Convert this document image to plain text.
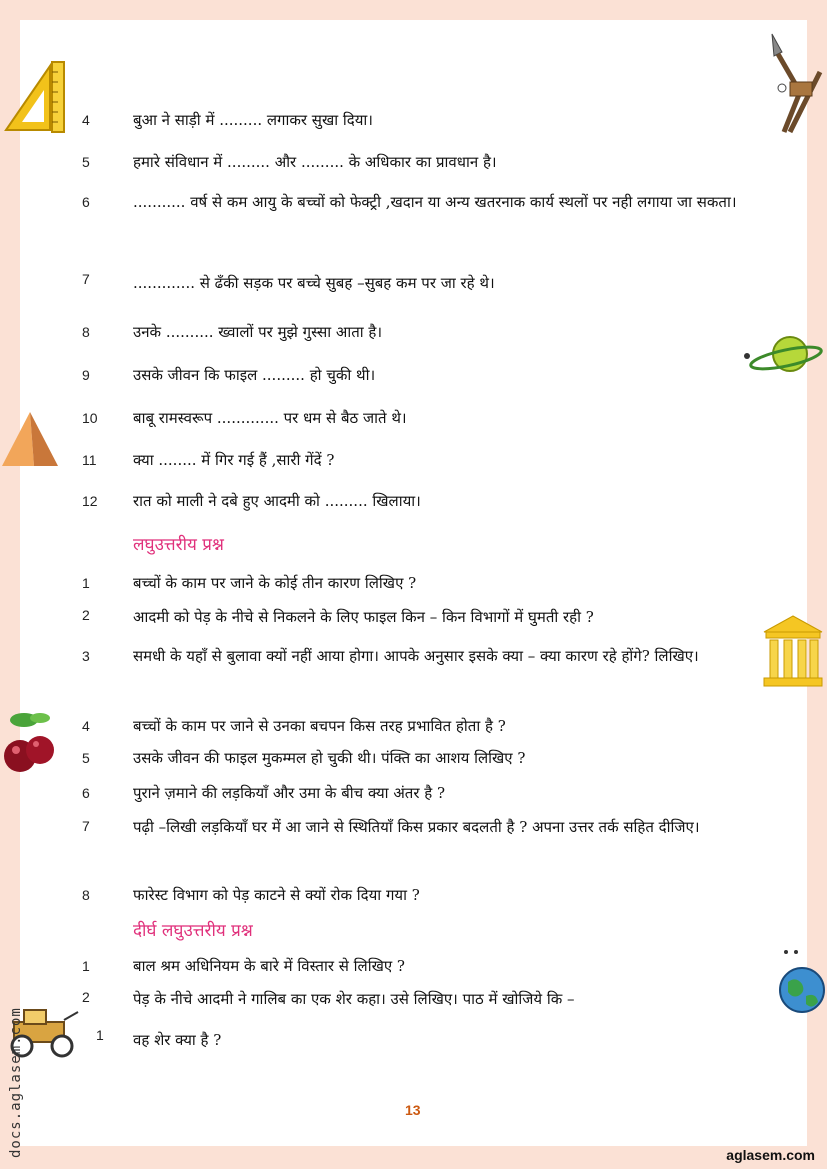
4	बुआ ने साड़ी में ......... लगाकर सुखा दिया।
5	हमारे संविधान में ......... और ......... के अधिकार का प्रावधान है।
6	........... वर्ष से कम आयु के बच्चों को फेक्ट्री ,खदान या अन्य खतरनाक कार्य स्थलों पर नही लगाया जा सकता।
7	............. से ढँकी सड़क पर बच्चे सुबह –सुबह कम पर जा रहे थे।
8	उनके .......... ख्वालों पर मुझे गुस्सा आता है।
9	उसके जीवन कि फाइल ......... हो चुकी थी।
10 बाबू रामस्वरूप ............. पर धम से बैठ जाते थे।
11	क्या ........ में गिर गई हैं ,सारी गेंदें ?
12 रात को माली ने दबे हुए आदमी को ......... खिलाया।
लघुउत्तरीय प्रश्न
1	बच्चों के काम पर जाने के कोई तीन कारण लिखिए ?
2	आदमी को पेड़ के नीचे से निकलने के लिए फाइल किन – किन विभागों में घुमती रही ?
3	समधी के यहाँ से बुलावा क्यों नहीं आया होगा। आपके अनुसार इसके क्या – क्या कारण रहे होंगे? लिखिए।
4	बच्चों के काम पर जाने से उनका बचपन किस तरह प्रभावित होता है ?
5	उसके जीवन की फाइल मुकम्मल हो चुकी थी। पंक्ति का आशय लिखिए ?
6	पुराने ज़माने की लड़कियाँ और उमा के बीच क्या अंतर है ?
7	पढ़ी –लिखी लड़कियाँ घर में आ जाने से स्थितियाँ किस प्रकार बदलती है ? अपना उत्तर तर्क सहित दीजिए।
8	फारेस्ट विभाग को पेड़ काटने से क्यों रोक दिया गया ?
दीर्घ लघुउत्तरीय प्रश्न
1	बाल श्रम अधिनियम के बारे में विस्तार से लिखिए ?
2	पेड़ के नीचे आदमी ने गालिब का एक शेर कहा। उसे लिखिए। पाठ में खोजिये कि –
1	वह शेर क्या है ?
13
docs.aglasem.com	aglasem.com
